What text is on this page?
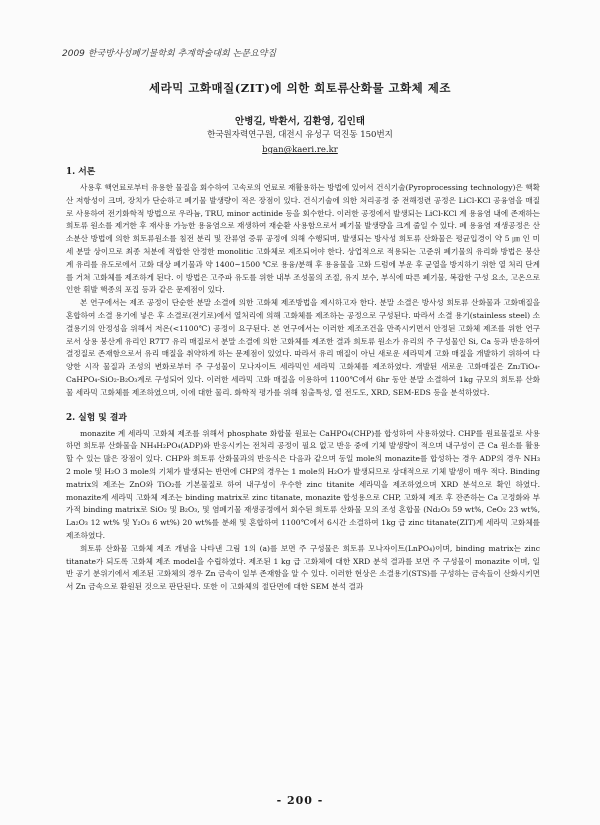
2009 한국방사성폐기물학회 추계학술대회 논문요약집
세라믹 고화매질(ZIT)에 의한 희토류산화물 고화체 제조
안병길, 박환서, 김환영, 김인태
한국원자력연구원, 대전시 유성구 덕진동 150번지
bgan@kaeri.re.kr
1. 서론

사용후 핵연료로부터 유용한 물질을 회수하여 고속로의 연료로 재활용하는 방법에 있어서 건식기술(Pyroprocessing technology)은 핵확산 저항성이 크며, 장치가 단순하고 폐기물 발생량이 적은 장점이 있다. 건식기술에 의한 처리공정 중 전해정련 공정은 LiCl-KCl 공융염을 매질로 사용하여 전기화학적 방법으로 우라늄, TRU, minor actinide 등을 회수한다. 이러한 공정에서 발생되는 LiCl-KCl 계 용융염 내에 존재하는 희토류 원소를 제거한 후 재사용 가능한 용융염으로 재생하여 재순환 사용함으로서 폐기물 발생량을 크게 줄일 수 있다. 폐 용융염 재생공정은 산소분산 방법에 의한 희토류원소를 침전 분리 및 잔류염 증류 공정에 의해 수행되며, 발생되는 방사성 희토류 산화물은 평균입경이 약 5 ㎛ 인 미세 분말 상이므로 최종 처분에 적합한 안정한 monolitic 고화체로 제조되어야 한다. 상업적으로 적용되는 고준위 폐기물의 유리화 방법은 붕산계 유리를 유도로에서 고화 대상 폐기물과 약 1400~1500 ℃로 용융/분해 후 용융물을 고화 드럼에 부운 후 균열을 방지하기 위한 열 처리 단계를 거쳐 고화체를 제조하게 된다. 이 방법은 고주파 유도를 위한 내부 조성물의 조절, 유지 보수, 부식에 따른 폐기물, 복잡한 구성 요소, 고온으로 인한 휘발 핵종의 포집 등과 같은 문제점이 있다.

본 연구에서는 제조 공정이 단순한 분말 소결에 의한 고화체 제조방법을 제시하고자 한다. 분말 소결은 방사성 희토류 산화물과 고화매질을 혼합하여 소결 용기에 넣은 후 소결로(전기로)에서 열처리에 의해 고화체를 제조하는 공정으로 구성된다. 따라서 소결 용기(stainless steel) 소결용기의 안정성을 위해서 저온(<1100℃) 공정이 요구된다. 본 연구에서는 이러한 제조조건을 만족시키면서 안정된 고화체 제조를 위한 연구로서 상용 붕산계 유리인 R7T7 유리 매질로서 분말 소결에 의한 고화체를 제조한 결과 희토류 원소가 유리의 주 구성물인 Si, Ca 등과 반응하여 결정질로 존재함으로서 유리 매질을 취약하게 하는 문제점이 있었다. 따라서 유리 매질이 아닌 새로운 세라믹계 고화 매질을 개발하기 위하여 다양한 시작 물질과 조성의 변화로부터 주 구성물이 모나자이트 세라믹인 세라믹 고화체를 제조하였다. 개발된 새로운 고화매질은 Zn₂TiO₄- CaHPO₄-SiO₂-B₂O₃계로 구성되어 있다. 이러한 세라믹 고화 매질을 이용하여 1100℃에서 6hr 동안 분말 소결하여 1kg 규모의 희토류 산화물 세라믹 고화체를 제조하였으며, 이에 대한 물리. 화학적 평가를 위해 침출특성, 열 전도도, XRD, SEM-EDS 등을 분석하였다.

2. 실험 및 결과

monazite 계 세라믹 고화체 제조를 위해서 phosphate 화합물 원료는 CaHPO₄(CHP)를 합성하여 사용하였다. CHP를 원료물질로 사용하면 희토류 산화물을 NH₄H₂PO₄(ADP)와 반응시키는 전처리 공정이 필요 없고 반응 중에 기체 발생량이 적으며 내구성이 큰 Ca 원소를 활용할 수 있는 많은 장점이 있다. CHP와 희토류 산화물과의 반응식은 다음과 같으며 동일 mole의 monazite를 합성하는 경우 ADP의 경우 NH₃ 2 mole 및 H₂O 3 mole의 기체가 발생되는 반면에 CHP의 경우는 1 mole의 H₂O가 발생되므로 상대적으로 기체 발생이 매우 적다. Binding matrix의 제조는 ZnO와 TiO₂를 기본물질로 하여 내구성이 우수한 zinc titanite 세라믹을 제조하였으며 XRD 분석으로 확인 하였다. monazite계 세라믹 고화체 제조는 binding matrix로 zinc titanate, monazite 합성용으로 CHP, 고화체 제조 후 잔존하는 Ca 고정화와 부가적 binding matrix로 SiO₂ 및 B₂O₃, 및 염폐기물 재생공정에서 회수된 희토류 산화물 모의 조성 혼합물 (Nd₂O₃ 59 wt%, CeO₂ 23 wt%, La₂O₃ 12 wt% 및 Y₂O₃ 6 wt%) 20 wt%를 분쇄 및 혼합하여 1100℃에서 6시간 소결하여 1kg 급 zinc titanate(ZIT)계 세라믹 고화체를 제조하였다.

희토류 산화물 고화체 제조 개념을 나타낸 그림 1의 (a)를 보면 주 구성물은 희토류 모나자이트(LnPO₄)이며, binding matrix는 zinc titanate가 되도록 고화체 제조 model을 수립하였다. 제조된 1 kg 급 고화체에 대한 XRD 분석 결과를 보면 주 구성물이 monazite 이며, 일반 공기 분위기에서 제조된 고화체의 경우 Zn 금속이 일부 존재함을 알 수 있다. 이러한 현상은 소결용기(STS)를 구성하는 금속들이 산화시키면서 Zn 금속으로 환원된 것으로 판단된다. 또한 이 고화체의 절단면에 대한 SEM 분석 결과

- 200 -
